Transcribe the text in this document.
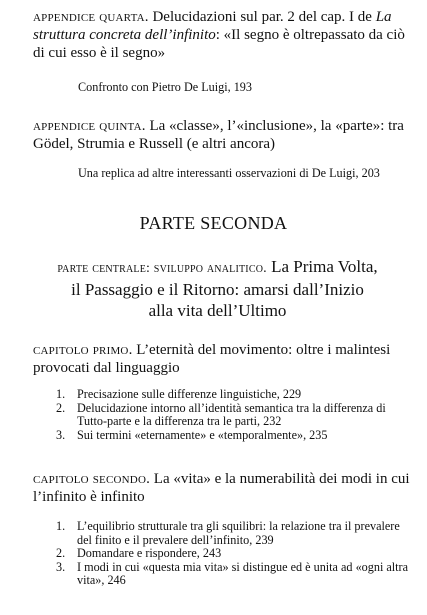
appendice quarta. Delucidazioni sul par. 2 del cap. I de La struttura concreta dell’infinito: «Il segno è oltrepassato da ciò di cui esso è il segno»
Confronto con Pietro De Luigi, 193
appendice quinta. La «classe», l’«inclusione», la «parte»: tra Gödel, Strumia e Russell (e altri ancora)
Una replica ad altre interessanti osservazioni di De Luigi, 203
PARTE SECONDA
parte centrale: sviluppo analitico. La Prima Volta,
il Passaggio e il Ritorno: amarsi dall’Inizio
alla vita dell’Ultimo
capitolo primo. L’eternità del movimento: oltre i malintesi provocati dal linguaggio
1. Precisazione sulle differenze linguistiche, 229
2. Delucidazione intorno all’identità semantica tra la differenza di Tutto-parte e la differenza tra le parti, 232
3. Sui termini «eternamente» e «temporalmente», 235
capitolo secondo. La «vita» e la numerabilità dei modi in cui l’infinito è infinito
1. L’equilibrio strutturale tra gli squilibri: la relazione tra il prevalere del finito e il prevalere dell’infinito, 239
2. Domandare e rispondere, 243
3. I modi in cui «questa mia vita» si distingue ed è unita ad «ogni altra vita», 246
